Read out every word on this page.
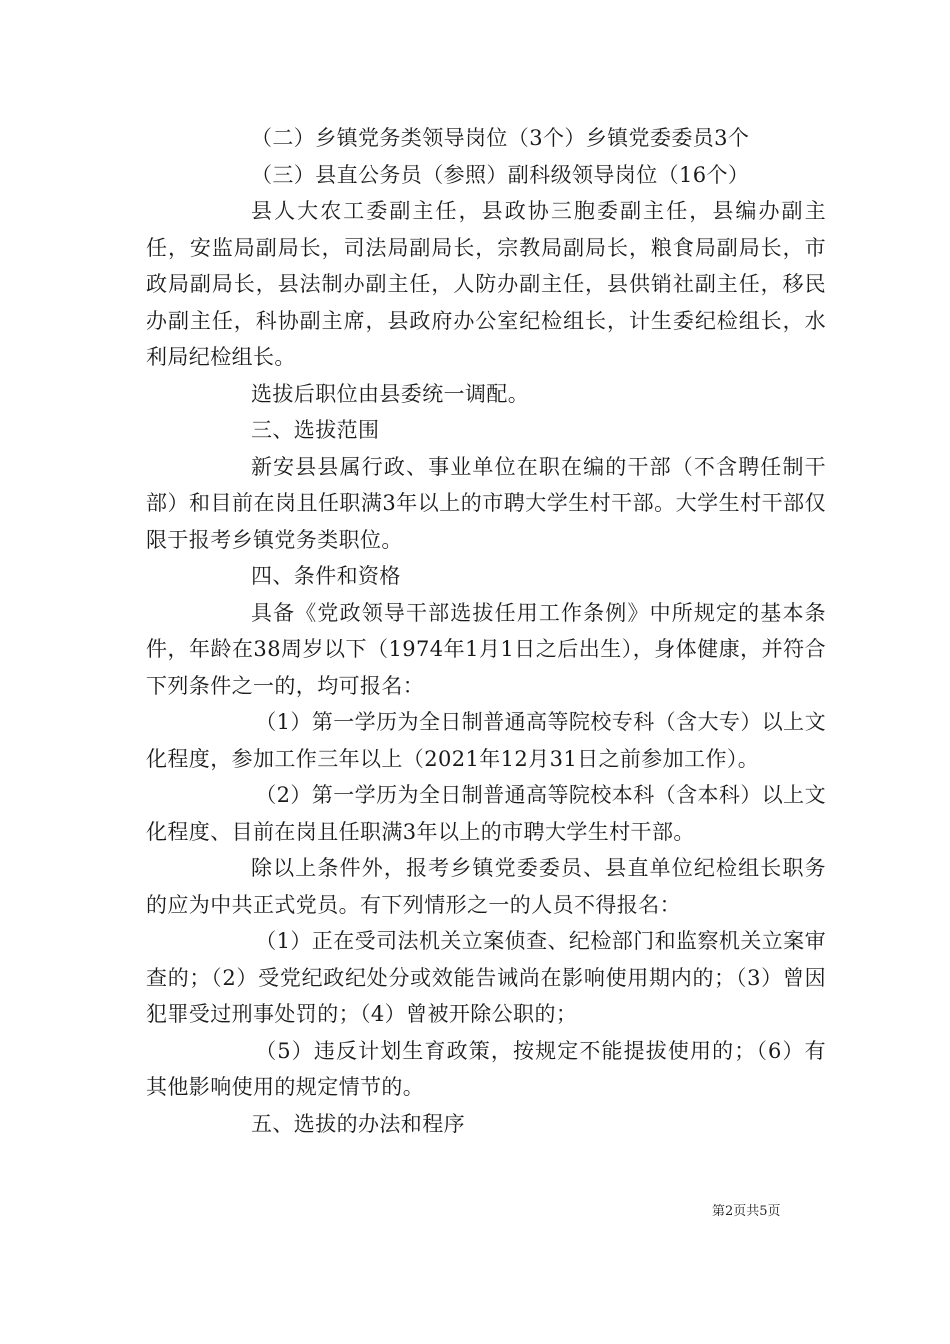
（二）乡镇党务类领导岗位（3个）乡镇党委委员3个

（三）县直公务员（参照）副科级领导岗位（16个）

县人大农工委副主任，县政协三胞委副主任，县编办副主任，安监局副局长，司法局副局长，宗教局副局长，粮食局副局长，市政局副局长，县法制办副主任，人防办副主任，县供销社副主任，移民办副主任，科协副主席，县政府办公室纪检组长，计生委纪检组长，水利局纪检组长。

选拔后职位由县委统一调配。

三、选拔范围

新安县县属行政、事业单位在职在编的干部（不含聘任制干部）和目前在岗且任职满3年以上的市聘大学生村干部。大学生村干部仅限于报考乡镇党务类职位。

四、条件和资格

具备《党政领导干部选拔任用工作条例》中所规定的基本条件，年龄在38周岁以下（1974年1月1日之后出生），身体健康，并符合下列条件之一的，均可报名：

（1）第一学历为全日制普通高等院校专科（含大专）以上文化程度，参加工作三年以上（2021年12月31日之前参加工作）。

（2）第一学历为全日制普通高等院校本科（含本科）以上文化程度、目前在岗且任职满3年以上的市聘大学生村干部。

除以上条件外，报考乡镇党委委员、县直单位纪检组长职务的应为中共正式党员。有下列情形之一的人员不得报名：

（1）正在受司法机关立案侦查、纪检部门和监察机关立案审查的；（2）受党纪政纪处分或效能告诫尚在影响使用期内的；（3）曾因犯罪受过刑事处罚的；（4）曾被开除公职的；

（5）违反计划生育政策，按规定不能提拔使用的；（6）有其他影响使用的规定情节的。

五、选拔的办法和程序

第2页共5页
